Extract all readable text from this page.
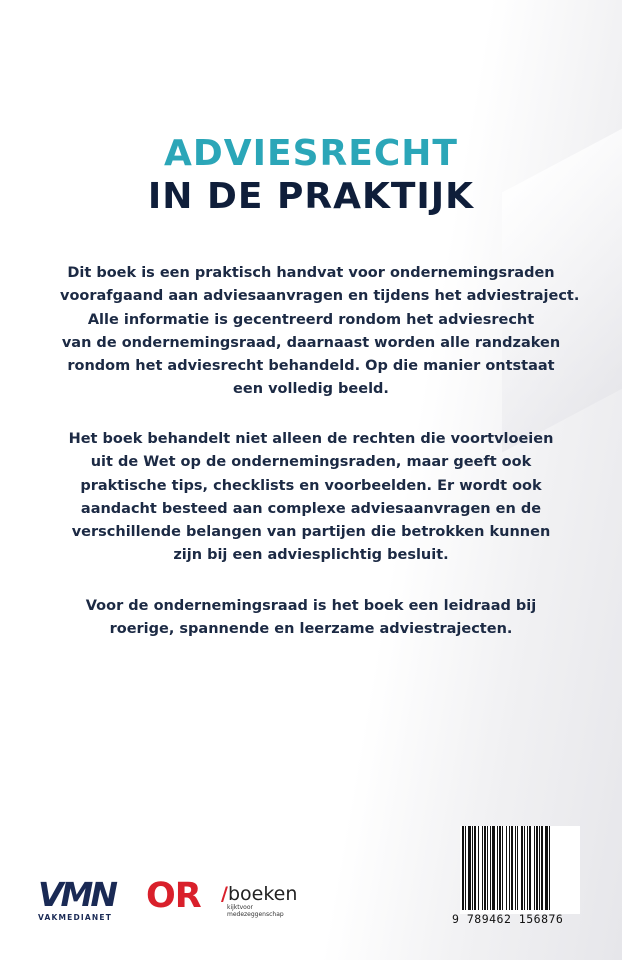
ADVIESRECHT
IN DE PRAKTIJK
Dit boek is een praktisch handvat voor ondernemingsraden
voorafgaand aan adviesaanvragen en tijdens het adviestraject.
Alle informatie is gecentreerd rondom het adviesrecht
van de ondernemingsraad, daarnaast worden alle randzaken
rondom het adviesrecht behandeld. Op die manier ontstaat
een volledig beeld.
Het boek behandelt niet alleen de rechten die voortvloeien
uit de Wet op de ondernemingsraden, maar geeft ook
praktische tips, checklists en voorbeelden. Er wordt ook
aandacht besteed aan complexe adviesaanvragen en de
verschillende belangen van partijen die betrokken kunnen
zijn bij een adviesplichtig besluit.
Voor de ondernemingsraad is het boek een leidraad bij
roerige, spannende en leerzame adviestrajecten.
VMN
VAKMEDIANET
OR /boeken
kijktvoor medezeggenschap	9 789462 156876
